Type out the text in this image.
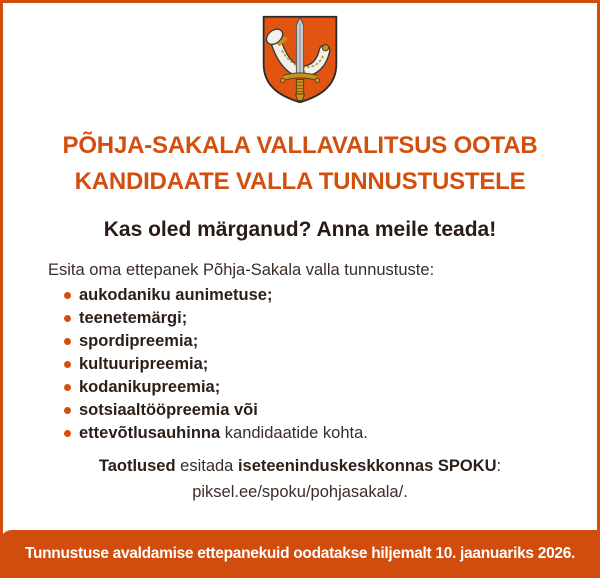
PÕHJA-SAKALA VALLAVALITSUS OOTAB
KANDIDAATE VALLA TUNNUSTUSTELE
Kas oled märganud? Anna meile teada!

Esita oma ettepanek Põhja-Sakala valla tunnustuste:

aukodaniku aunimetuse;
teenetemärgi;
spordipreemia;
kultuuripreemia;
kodanikupreemia;
sotsiaaltööpreemia või
ettevõtlusauhinna kandidaatide kohta.

Taotlused esitada iseteeninduskeskkonnas SPOKU:

piksel.ee/spoku/pohjasakala/.

Tunnustuse avaldamise ettepanekuid oodatakse hiljemalt 10. jaanuariks 2026.
